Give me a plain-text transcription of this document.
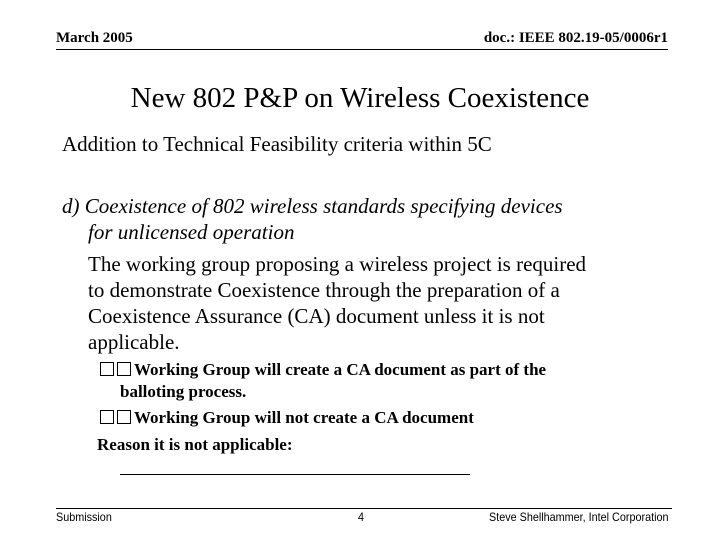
March 2005	doc.: IEEE 802.19-05/0006r1
New 802 P&P on Wireless Coexistence
Addition to Technical Feasibility criteria within 5C
d) Coexistence of 802 wireless standards specifying devices
for unlicensed operation
The working group proposing a wireless project is required
to demonstrate Coexistence through the preparation of a
Coexistence Assurance (CA) document unless it is not
applicable.
Working Group will create a CA document as part of the
balloting process.
Working Group will not create a CA document
Reason it is not applicable:
Submission	4	Steve Shellhammer, Intel Corporation
